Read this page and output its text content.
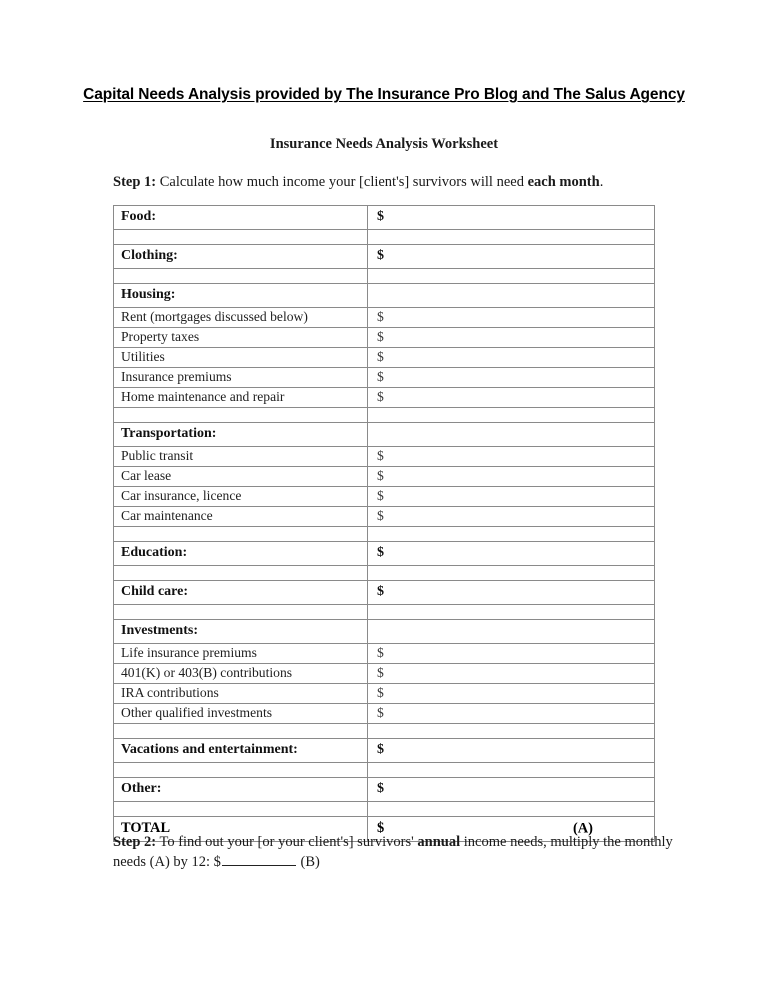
Capital Needs Analysis provided by The Insurance Pro Blog and The Salus Agency
Insurance Needs Analysis Worksheet
Step 1: Calculate how much income your [client's] survivors will need each month.
Food:	$

Clothing:	$

Housing:	
Rent (mortgages discussed below)	$
Property taxes	$
Utilities	$
Insurance premiums	$
Home maintenance and repair	$

Transportation:	
Public transit	$
Car lease	$
Car insurance, licence	$
Car maintenance	$

Education:	$

Child care:	$

Investments:	
Life insurance premiums	$
401(K) or 403(B) contributions	$
IRA contributions	$
Other qualified investments	$

Vacations and entertainment:	$

Other:	$

TOTAL	$ (A)
Step 2: To find out your [or your client's] survivors' annual income needs, multiply the monthly needs (A) by 12: $	(B)
